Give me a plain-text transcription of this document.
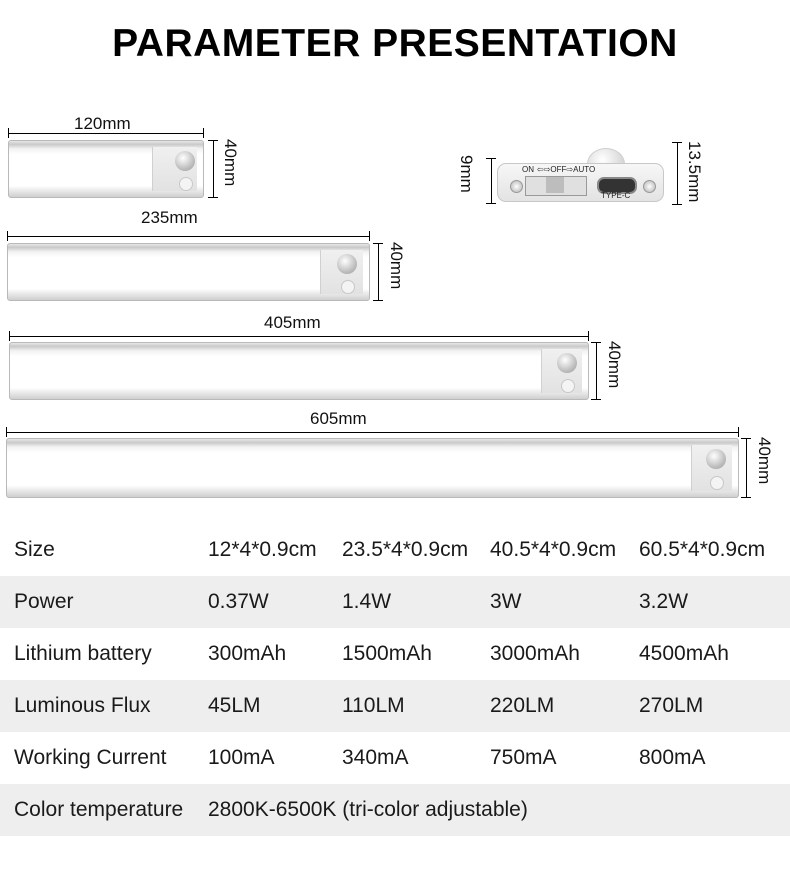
PARAMETER PRESENTATION
120mm
40mm
235mm
40mm
405mm
40mm
605mm
40mm
9mm	ON ⇦⇨OFF⇨AUTO
TYPE-C	13.5mm
Size	12*4*0.9cm	23.5*4*0.9cm	40.5*4*0.9cm	60.5*4*0.9cm
Power	0.37W	1.4W	3W	3.2W
Lithium battery	300mAh	1500mAh	3000mAh	4500mAh
Luminous Flux	45LM	110LM	220LM	270LM
Working Current	100mA	340mA	750mA	800mA
Color temperature	2800K-6500K (tri-color adjustable)			
